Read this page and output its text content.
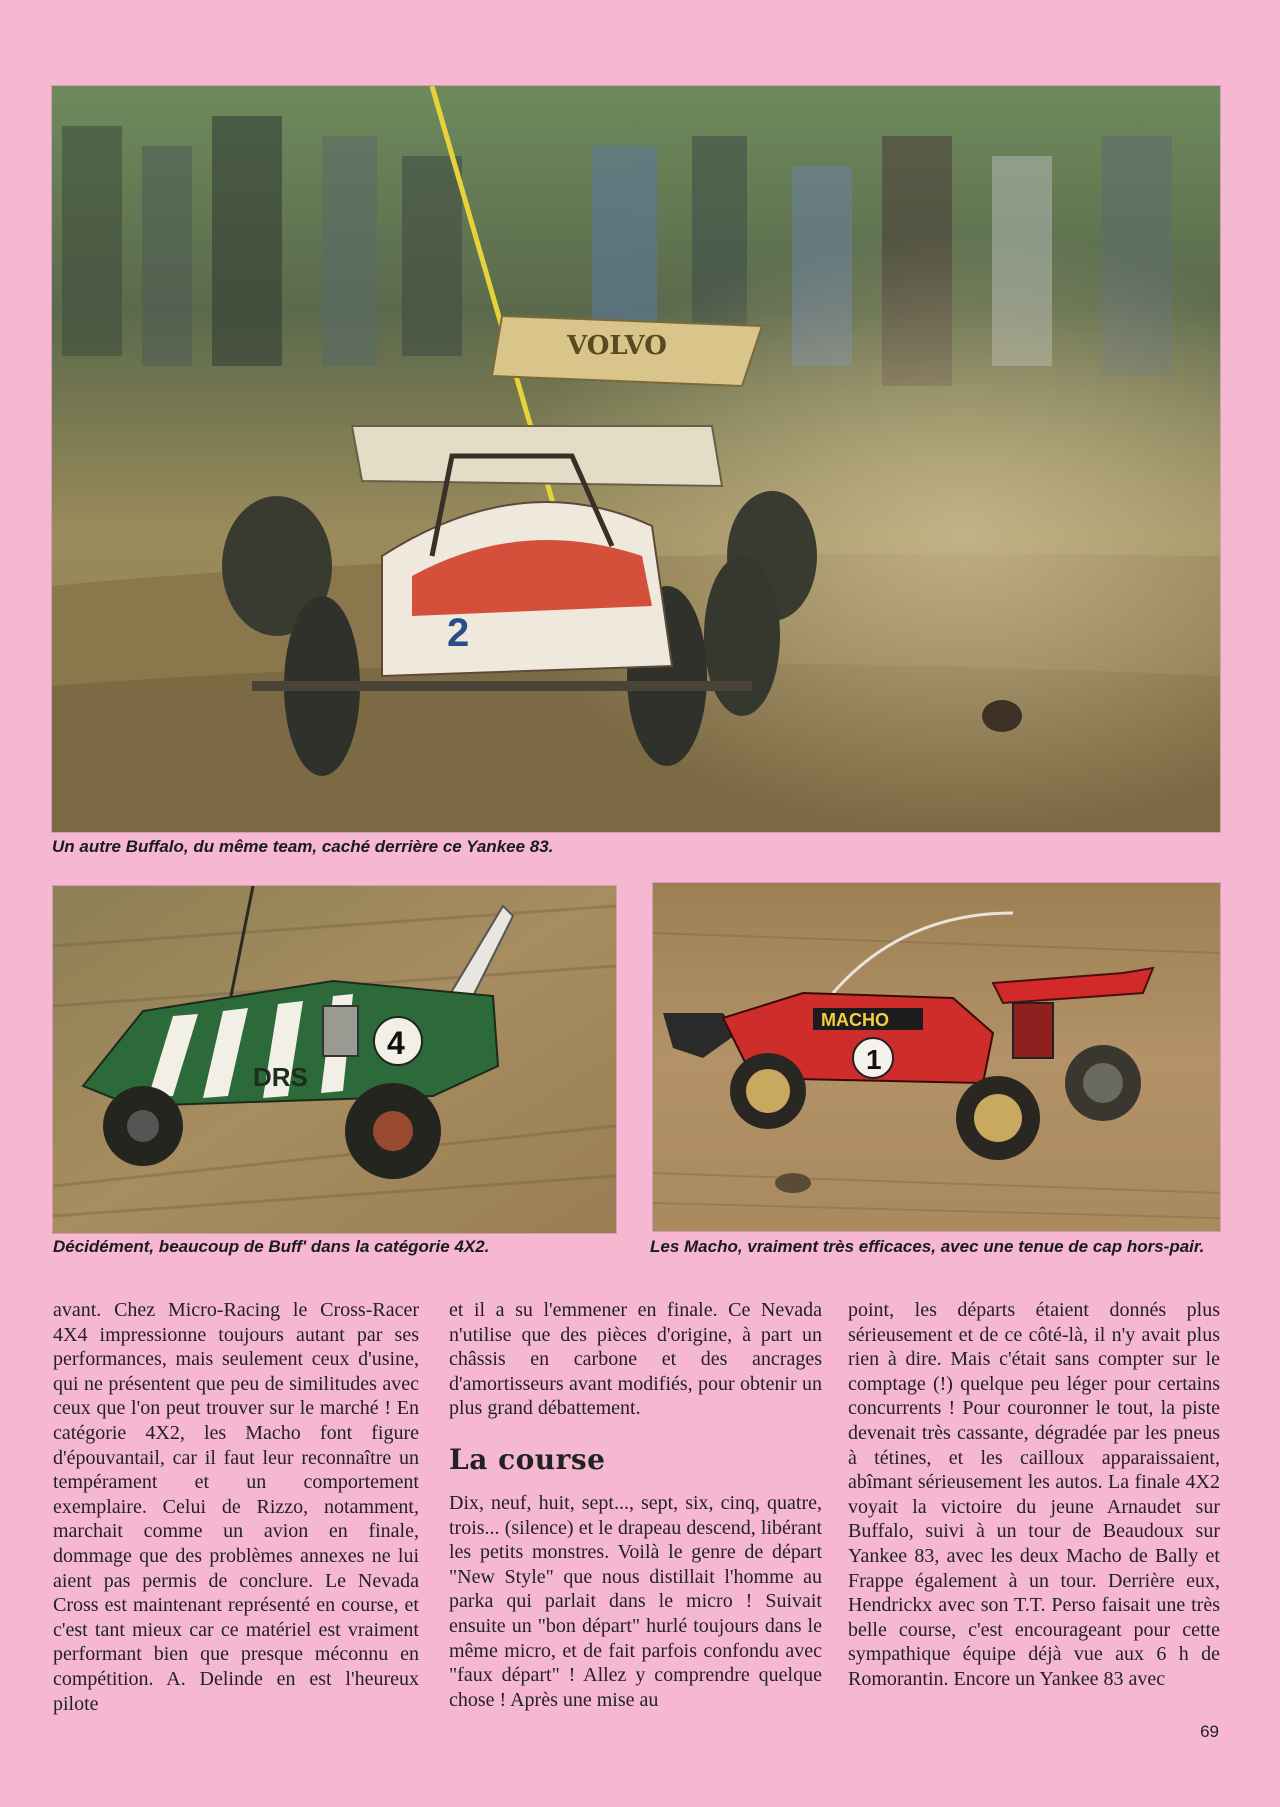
VOLVO
2
Un autre Buffalo, du même team, caché derrière ce Yankee 83.
4
DRS
Décidément, beaucoup de Buff' dans la catégorie 4X2.
MACHO
1
Les Macho, vraiment très efficaces, avec une tenue de cap hors-pair.

avant. Chez Micro-Racing le Cross-Racer 4X4 impressionne toujours autant par ses performances, mais seulement ceux d'usine, qui ne présentent que peu de similitudes avec ceux que l'on peut trouver sur le marché ! En catégorie 4X2, les Macho font figure d'épouvantail, car il faut leur reconnaître un tempérament et un comportement exemplaire. Celui de Rizzo, notamment, marchait comme un avion en finale, dommage que des problèmes annexes ne lui aient pas permis de conclure. Le Nevada Cross est maintenant représenté en course, et c'est tant mieux car ce matériel est vraiment performant bien que presque méconnu en compétition. A. Delinde en est l'heureux pilote

et il a su l'emmener en finale. Ce Nevada n'utilise que des pièces d'origine, à part un châssis en carbone et des ancrages d'amortisseurs avant modifiés, pour obtenir un plus grand débattement.

La course

Dix, neuf, huit, sept..., sept, six, cinq, quatre, trois... (silence) et le drapeau descend, libérant les petits monstres. Voilà le genre de départ "New Style" que nous distillait l'homme au parka qui parlait dans le micro ! Suivait ensuite un "bon départ" hurlé toujours dans le même micro, et de fait parfois confondu avec "faux départ" ! Allez y comprendre quelque chose ! Après une mise au

point, les départs étaient donnés plus sérieusement et de ce côté-là, il n'y avait plus rien à dire. Mais c'était sans compter sur le comptage (!) quelque peu léger pour certains concurrents ! Pour couronner le tout, la piste devenait très cassante, dégradée par les pneus à tétines, et les cailloux apparaissaient, abîmant sérieusement les autos. La finale 4X2 voyait la victoire du jeune Arnaudet sur Buffalo, suivi à un tour de Beaudoux sur Yankee 83, avec les deux Macho de Bally et Frappe également à un tour. Derrière eux, Hendrickx avec son T.T. Perso faisait une très belle course, c'est encourageant pour cette sympathique équipe déjà vue aux 6 h de Romorantin. Encore un Yankee 83 avec

69
